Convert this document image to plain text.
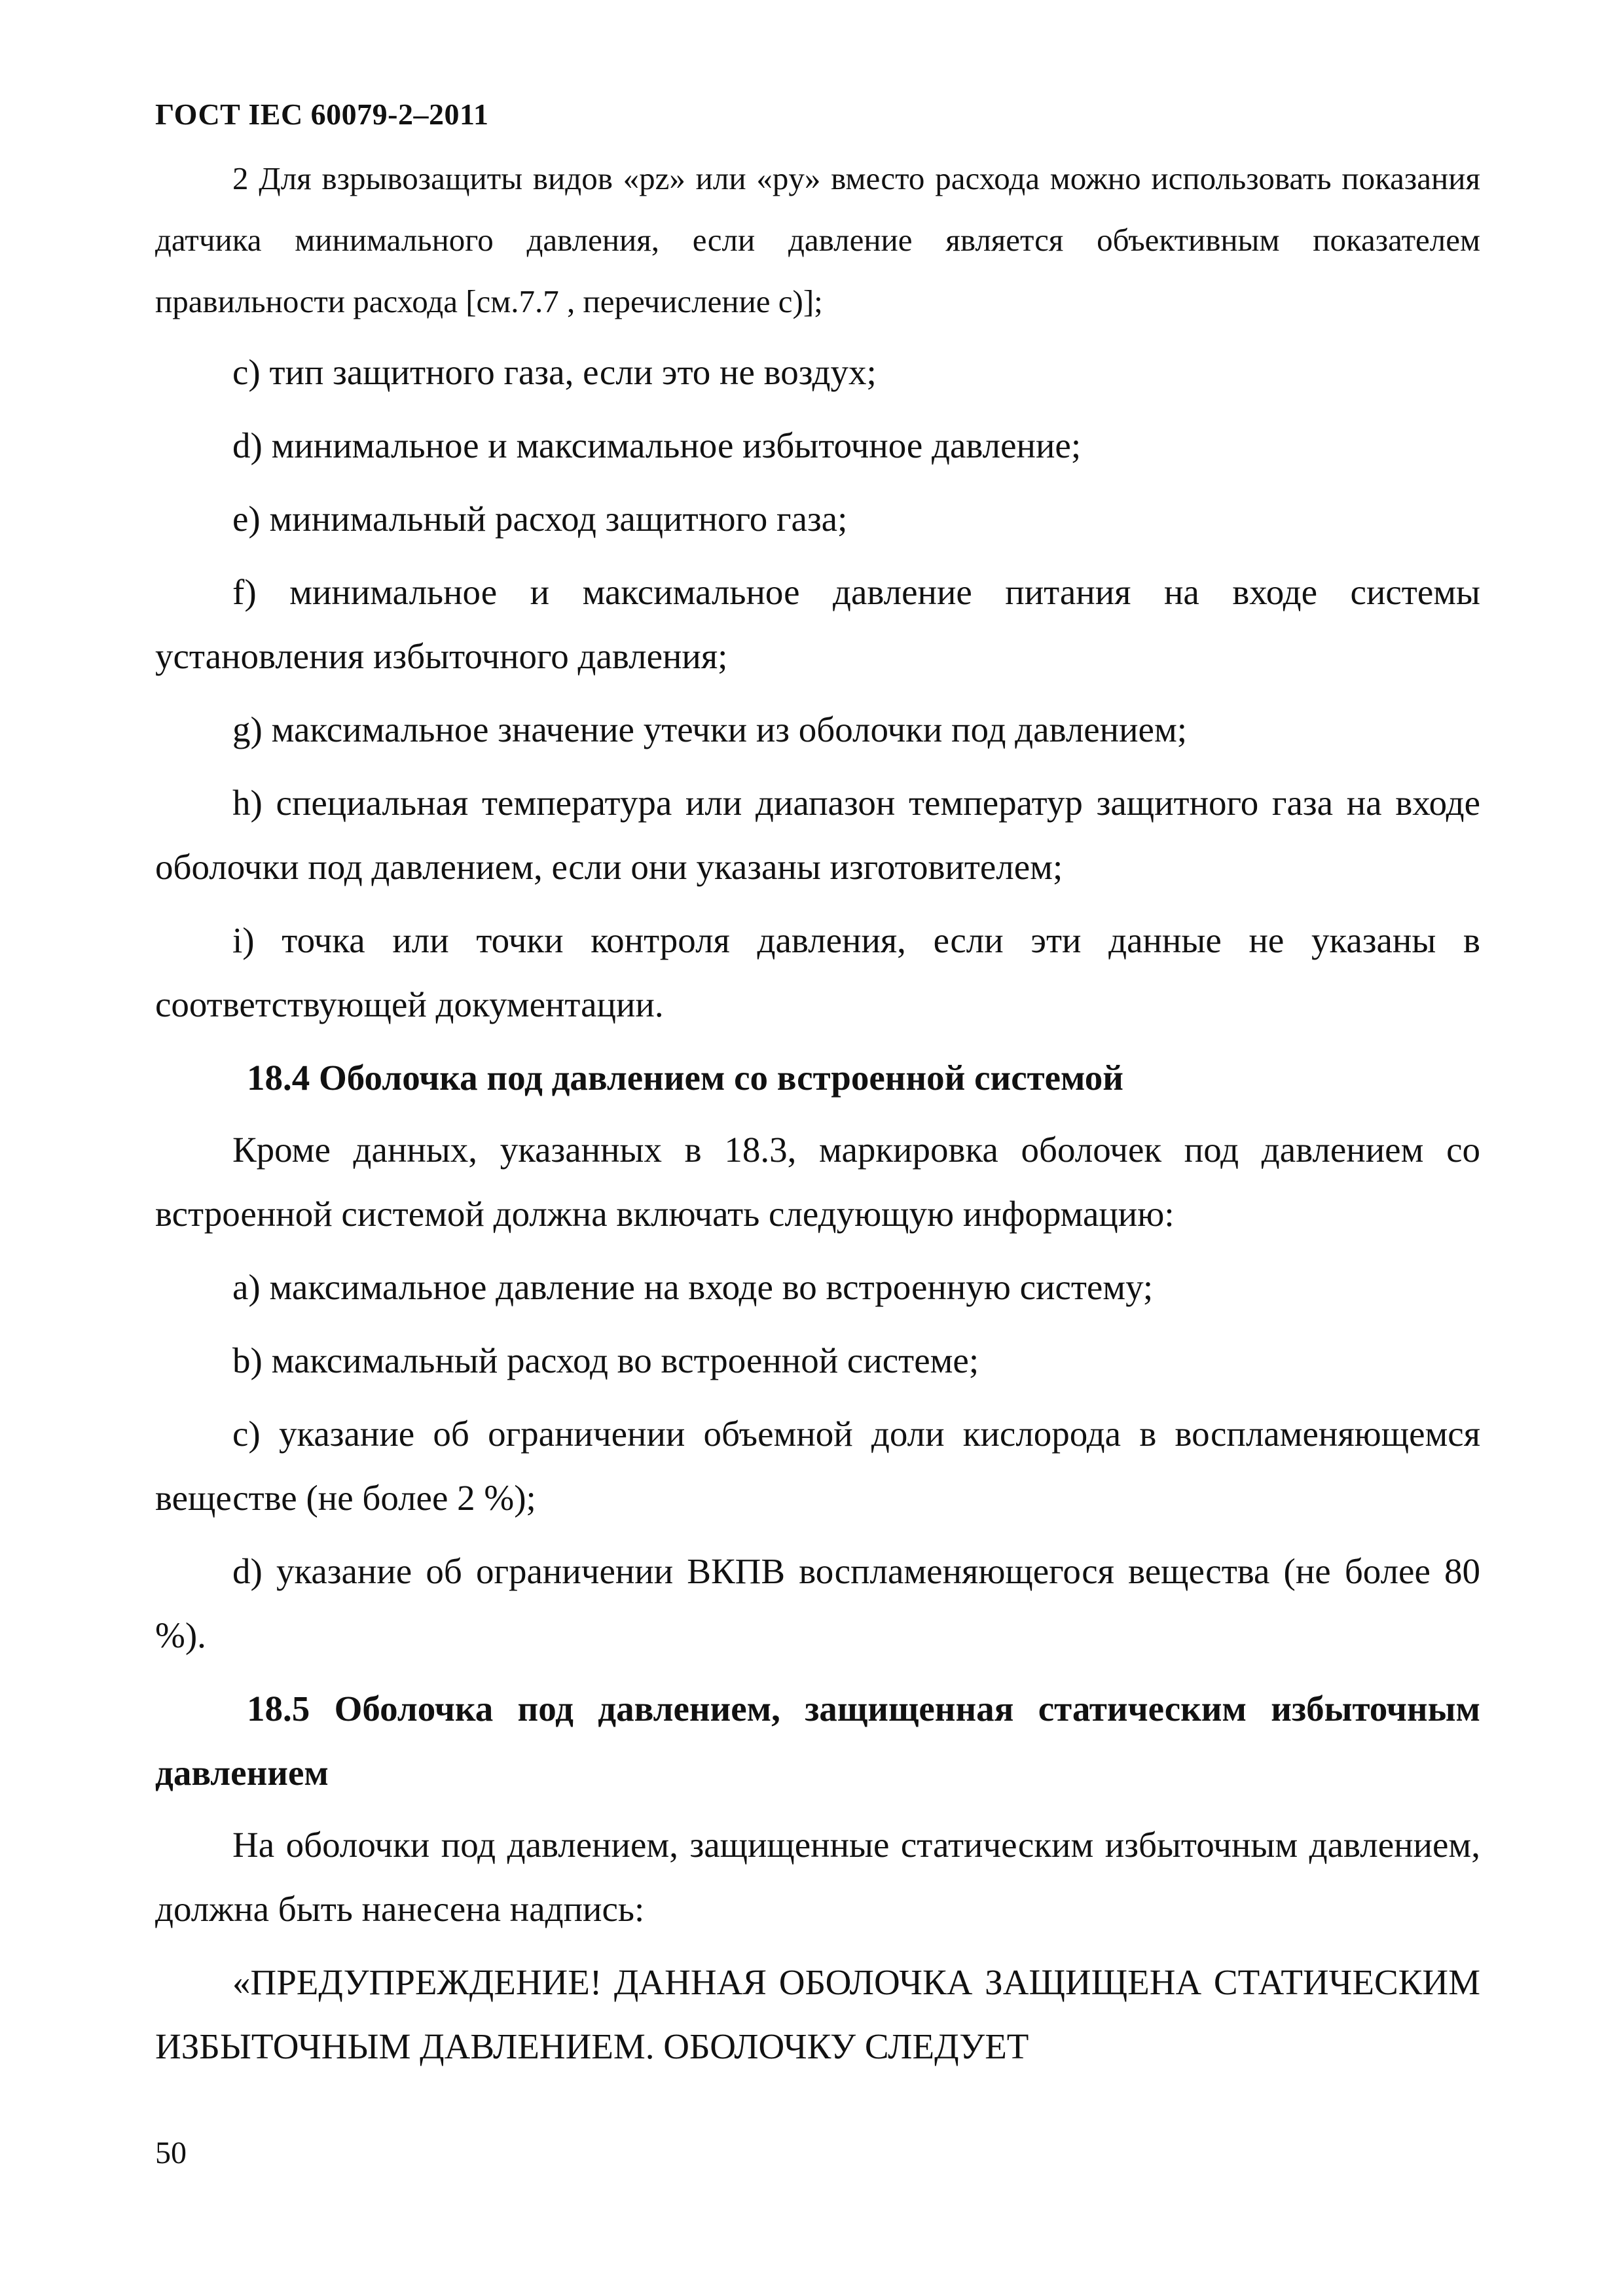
ГОСТ IEC 60079-2–2011

2 Для взрывозащиты видов «pz» или «py» вместо расхода можно использовать показания датчика минимального давления, если давление является объективным показателем правильности расхода [см.7.7 , перечисление с)];

с) тип защитного газа, если это не воздух;

d) минимальное и максимальное избыточное давление;

e) минимальный расход защитного газа;

f) минимальное и максимальное давление питания на входе системы установления избыточного давления;

g) максимальное значение утечки из оболочки под давлением;

h) специальная температура или диапазон температур защитного газа на входе оболочки под давлением, если они указаны изготовителем;

i) точка или точки контроля давления, если эти данные не указаны в соответствующей документации.

18.4 Оболочка под давлением со встроенной системой

Кроме данных, указанных в 18.3, маркировка оболочек под давлением со встроенной системой должна включать следующую информацию:

a) максимальное давление на входе во встроенную систему;

b) максимальный расход во встроенной системе;

c) указание об ограничении объемной доли кислорода в воспламеняющемся веществе (не более 2 %);

d) указание об ограничении ВКПВ воспламеняющегося вещества (не более 80 %).

18.5 Оболочка под давлением, защищенная статическим избыточным давлением

На оболочки под давлением, защищенные статическим избыточным давлением, должна быть нанесена надпись:

«ПРЕДУПРЕЖДЕНИЕ! ДАННАЯ ОБОЛОЧКА ЗАЩИЩЕНА СТАТИЧЕСКИМ ИЗБЫТОЧНЫМ ДАВЛЕНИЕМ. ОБОЛОЧКУ СЛЕДУЕТ

50
